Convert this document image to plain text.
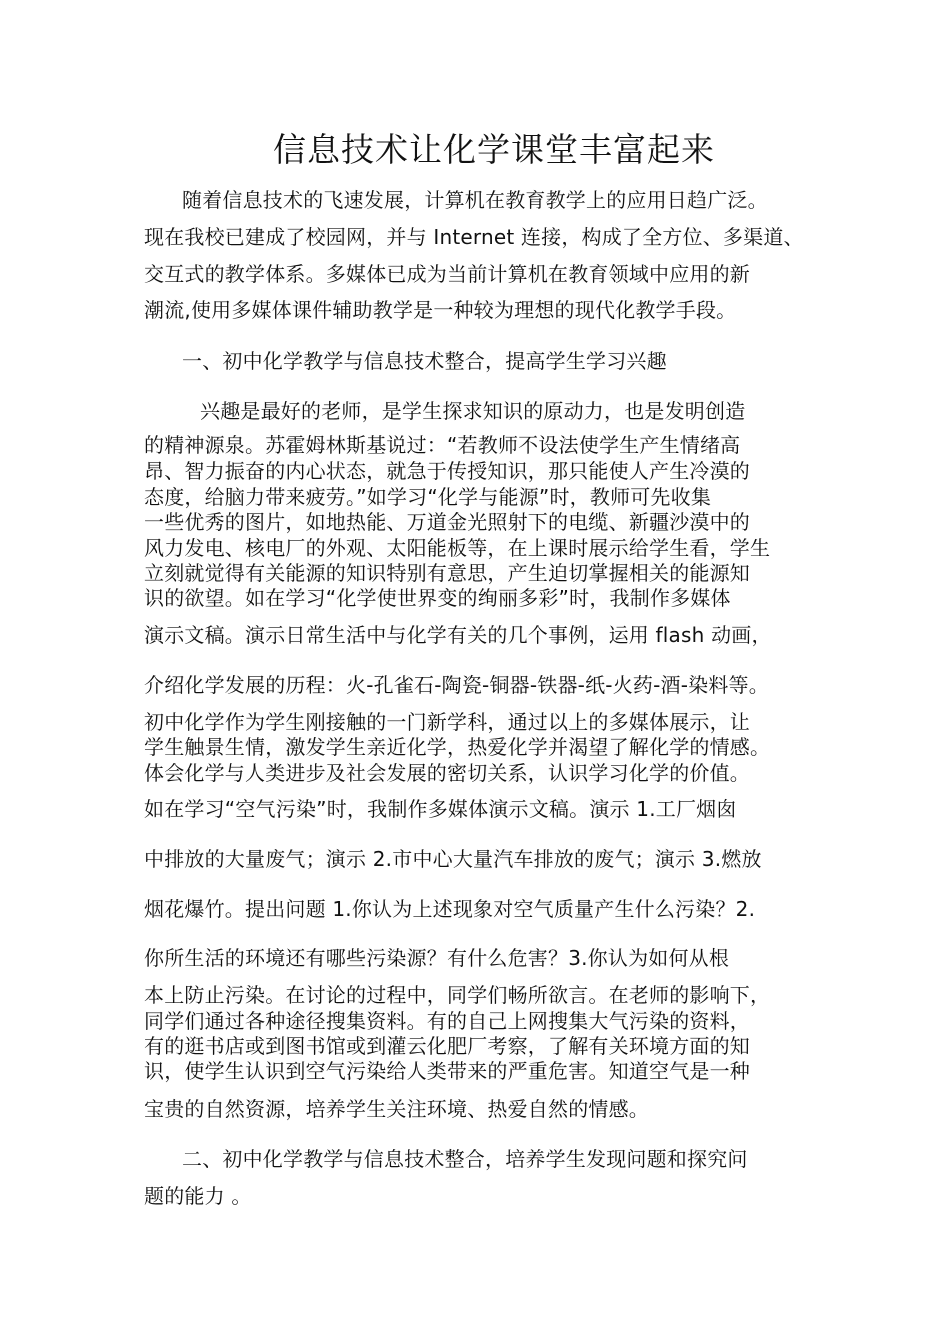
信息技术让化学课堂丰富起来
随着信息技术的飞速发展，计算机在教育教学上的应用日趋广泛。
现在我校已建成了校园网，并与 Internet 连接，构成了全方位、多渠道、
交互式的教学体系。多媒体已成为当前计算机在教育领域中应用的新
潮流,使用多媒体课件辅助教学是一种较为理想的现代化教学手段。
一、初中化学教学与信息技术整合，提高学生学习兴趣
兴趣是最好的老师，是学生探求知识的原动力，也是发明创造
的精神源泉。苏霍姆林斯基说过：“若教师不设法使学生产生情绪高
昂、智力振奋的内心状态，就急于传授知识，那只能使人产生冷漠的
态度，给脑力带来疲劳。”如学习“化学与能源”时，教师可先收集
一些优秀的图片，如地热能、万道金光照射下的电缆、新疆沙漠中的
风力发电、核电厂的外观、太阳能板等，在上课时展示给学生看，学生
立刻就觉得有关能源的知识特别有意思，产生迫切掌握相关的能源知
识的欲望。如在学习“化学使世界变的绚丽多彩”时，我制作多媒体
演示文稿。演示日常生活中与化学有关的几个事例，运用 flash 动画，
介绍化学发展的历程：火-孔雀石-陶瓷-铜器-铁器-纸-火药-酒-染料等。
初中化学作为学生刚接触的一门新学科，通过以上的多媒体展示，让
学生触景生情，激发学生亲近化学，热爱化学并渴望了解化学的情感。
体会化学与人类进步及社会发展的密切关系，认识学习化学的价值。
如在学习“空气污染”时，我制作多媒体演示文稿。演示 1.工厂烟囱
中排放的大量废气；演示 2.市中心大量汽车排放的废气；演示 3.燃放
烟花爆竹。提出问题 1.你认为上述现象对空气质量产生什么污染？2.
你所生活的环境还有哪些污染源？有什么危害？3.你认为如何从根
本上防止污染。在讨论的过程中，同学们畅所欲言。在老师的影响下，
同学们通过各种途径搜集资料。有的自己上网搜集大气污染的资料，
有的逛书店或到图书馆或到灌云化肥厂考察，了解有关环境方面的知
识，使学生认识到空气污染给人类带来的严重危害。知道空气是一种
宝贵的自然资源，培养学生关注环境、热爱自然的情感。
二、初中化学教学与信息技术整合，培养学生发现问题和探究问
题的能力 。
